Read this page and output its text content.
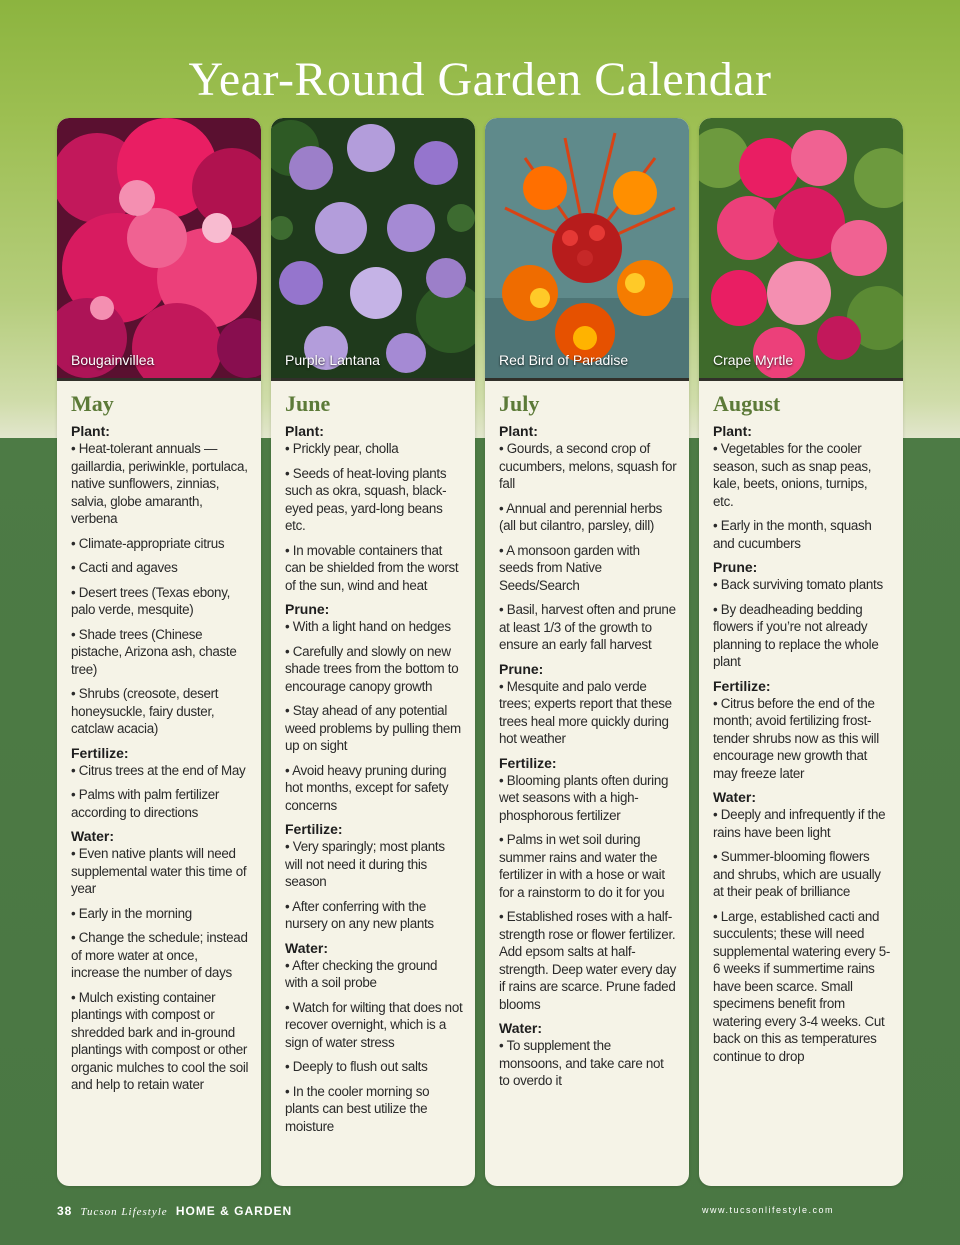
Year-Round Garden Calendar
Bougainvillea
May
Plant:

• Heat-tolerant annuals — gaillardia, periwinkle, portulaca, native sunflowers, zinnias, salvia, globe amaranth, verbena

• Climate-appropriate citrus

• Cacti and agaves

• Desert trees (Texas ebony, palo verde, mesquite)

• Shade trees (Chinese pistache, Arizona ash, chaste tree)

• Shrubs (creosote, desert honeysuckle, fairy duster, catclaw acacia)

Fertilize:

• Citrus trees at the end of May

• Palms with palm fertilizer according to directions

Water:

• Even native plants will need supplemental water this time of year

• Early in the morning

• Change the schedule; instead of more water at once, increase the number of days

• Mulch existing container plantings with compost or shredded bark and in-ground plantings with compost or other organic mulches to cool the soil and help to retain water

Purple Lantana
June
Plant:

• Prickly pear, cholla

• Seeds of heat-loving plants such as okra, squash, black-eyed peas, yard-long beans etc.

• In movable containers that can be shielded from the worst of the sun, wind and heat

Prune:

• With a light hand on hedges

• Carefully and slowly on new shade trees from the bottom to encourage canopy growth

• Stay ahead of any potential weed problems by pulling them up on sight

• Avoid heavy pruning during hot months, except for safety concerns

Fertilize:

• Very sparingly; most plants will not need it during this season

• After conferring with the nursery on any new plants

Water:

• After checking the ground with a soil probe

• Watch for wilting that does not recover overnight, which is a sign of water stress

• Deeply to flush out salts

• In the cooler morning so plants can best utilize the moisture

Red Bird of Paradise
July
Plant:

• Gourds, a second crop of cucumbers, melons, squash for fall

• Annual and perennial herbs (all but cilantro, parsley, dill)

• A monsoon garden with seeds from Native Seeds/Search

• Basil, harvest often and prune at least 1/3 of the growth to ensure an early fall harvest

Prune:

• Mesquite and palo verde trees; experts report that these trees heal more quickly during hot weather

Fertilize:

• Blooming plants often during wet seasons with a high-phosphorous fertilizer

• Palms in wet soil during summer rains and water the fertilizer in with a hose or wait for a rainstorm to do it for you

• Established roses with a half-strength rose or flower fertilizer. Add epsom salts at half-strength. Deep water every day if rains are scarce. Prune faded blooms

Water:

• To supplement the monsoons, and take care not to overdo it

Crape Myrtle
August
Plant:

• Vegetables for the cooler season, such as snap peas, kale, beets, onions, turnips, etc.

• Early in the month, squash and cucumbers

Prune:

• Back surviving tomato plants

• By deadheading bedding flowers if you’re not already planning to replace the whole plant

Fertilize:

• Citrus before the end of the month; avoid fertilizing frost-tender shrubs now as this will encourage new growth that may freeze later

Water:

• Deeply and infrequently if the rains have been light

• Summer-blooming flowers and shrubs, which are usually at their peak of brilliance

• Large, established cacti and succulents; these will need supplemental watering every 5-6 weeks if summertime rains have been scarce. Small specimens benefit from watering every 3-4 weeks. Cut back on this as temperatures continue to drop

38 Tucson Lifestyle HOME & GARDEN	www.tucsonlifestyle.com
